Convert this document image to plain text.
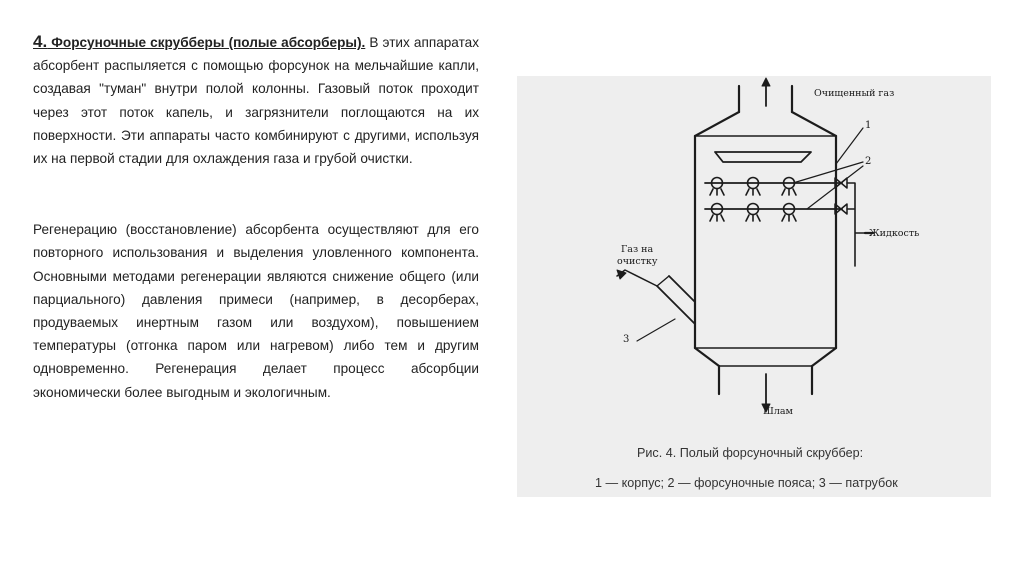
4. Форсуночные скрубберы (полые абсорберы). В этих аппаратах абсорбент распыляется с помощью форсунок на мельчайшие капли, создавая "туман" внутри полой колонны. Газовый поток проходит через этот поток капель, и загрязнители поглощаются на их поверхности. Эти аппараты часто комбинируют с другими, используя их на первой стадии для охлаждения газа и грубой очистки.

Регенерацию (восстановление) абсорбента осуществляют для его повторного использования и выделения уловленного компонента. Основными методами регенерации являются снижение общего (или парциального) давления примеси (например, в десорберах, продуваемых инертным газом или воздухом), повышением температуры (отгонка паром или нагревом) либо тем и другим одновременно. Регенерация делает процесс абсорбции экономически более выгодным и экологичным.

Очищенный газ
1
2
Жидкость
Газ на
очистку
3
Шлам
Рис. 4. Полый форсуночный скруббер:
1 — корпус; 2 — форсуночные пояса; 3 — патрубок
